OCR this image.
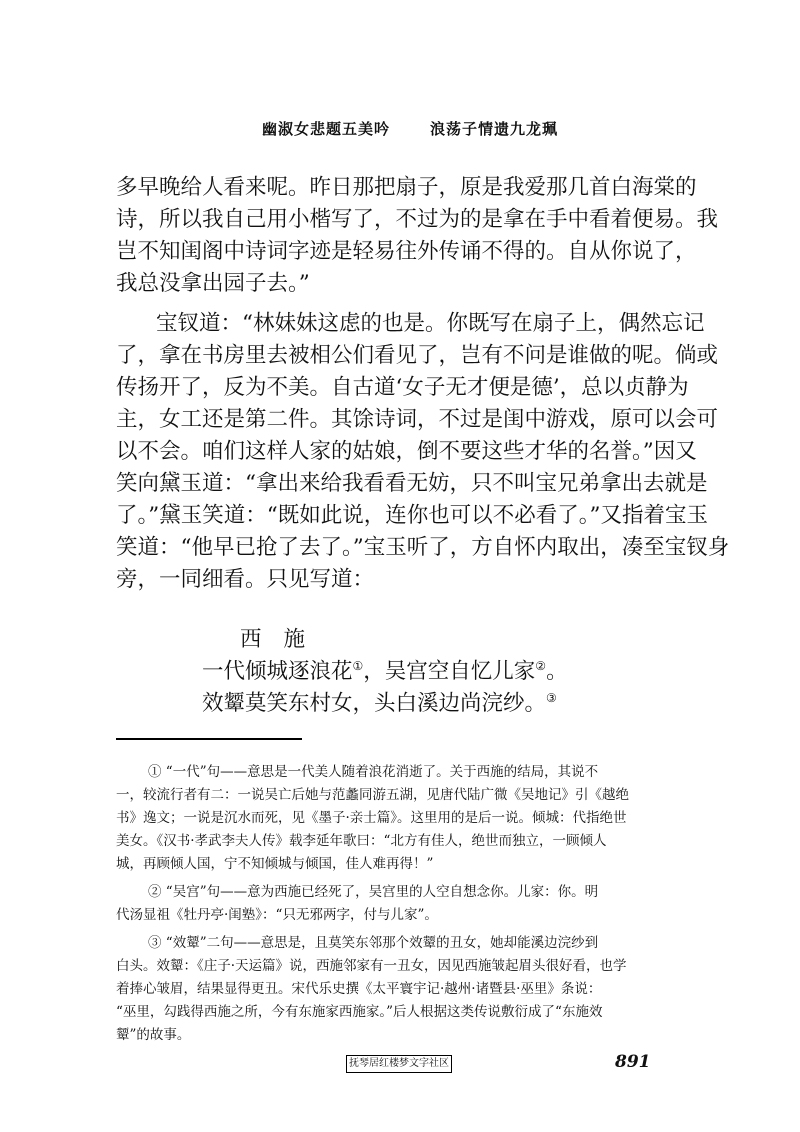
幽淑女悲题五美吟	浪荡子情遗九龙珮
多早晚给人看来呢。昨日那把扇子，原是我爱那几首白海棠的
诗，所以我自己用小楷写了，不过为的是拿在手中看着便易。我
岂不知闺阁中诗词字迹是轻易往外传诵不得的。自从你说了，
我总没拿出园子去。”
宝钗道：“林妹妹这虑的也是。你既写在扇子上，偶然忘记
了，拿在书房里去被相公们看见了，岂有不问是谁做的呢。倘或
传扬开了，反为不美。自古道‘女子无才便是德’，总以贞静为
主，女工还是第二件。其馀诗词，不过是闺中游戏，原可以会可
以不会。咱们这样人家的姑娘，倒不要这些才华的名誉。”因又
笑向黛玉道：“拿出来给我看看无妨，只不叫宝兄弟拿出去就是
了。”黛玉笑道：“既如此说，连你也可以不必看了。”又指着宝玉
笑道：“他早已抢了去了。”宝玉听了，方自怀内取出，凑至宝钗身
旁，一同细看。只见写道：
西施
一代倾城逐浪花①，吴宫空自忆儿家②。
效颦莫笑东村女，头白溪边尚浣纱。③
① “一代”句——意思是一代美人随着浪花消逝了。关于西施的结局，其说不
一，较流行者有二：一说吴亡后她与范蠡同游五湖，见唐代陆广微《吴地记》引《越绝
书》逸文；一说是沉水而死，见《墨子·亲士篇》。这里用的是后一说。倾城：代指绝世
美女。《汉书·孝武李夫人传》载李延年歌曰：“北方有佳人，绝世而独立，一顾倾人
城，再顾倾人国，宁不知倾城与倾国，佳人难再得！”
② “吴宫”句——意为西施已经死了，吴宫里的人空自想念你。儿家：你。明
代汤显祖《牡丹亭·闺塾》：“只无邪两字，付与儿家”。
③ “效颦”二句——意思是，且莫笑东邻那个效颦的丑女，她却能溪边浣纱到
白头。效颦：《庄子·天运篇》说，西施邻家有一丑女，因见西施皱起眉头很好看，也学
着捧心皱眉，结果显得更丑。宋代乐史撰《太平寰宇记·越州·诸暨县·巫里》条说：
“巫里，勾践得西施之所，今有东施家西施家。”后人根据这类传说敷衍成了“东施效
颦”的故事。
抚琴居红楼梦文字社区	891
